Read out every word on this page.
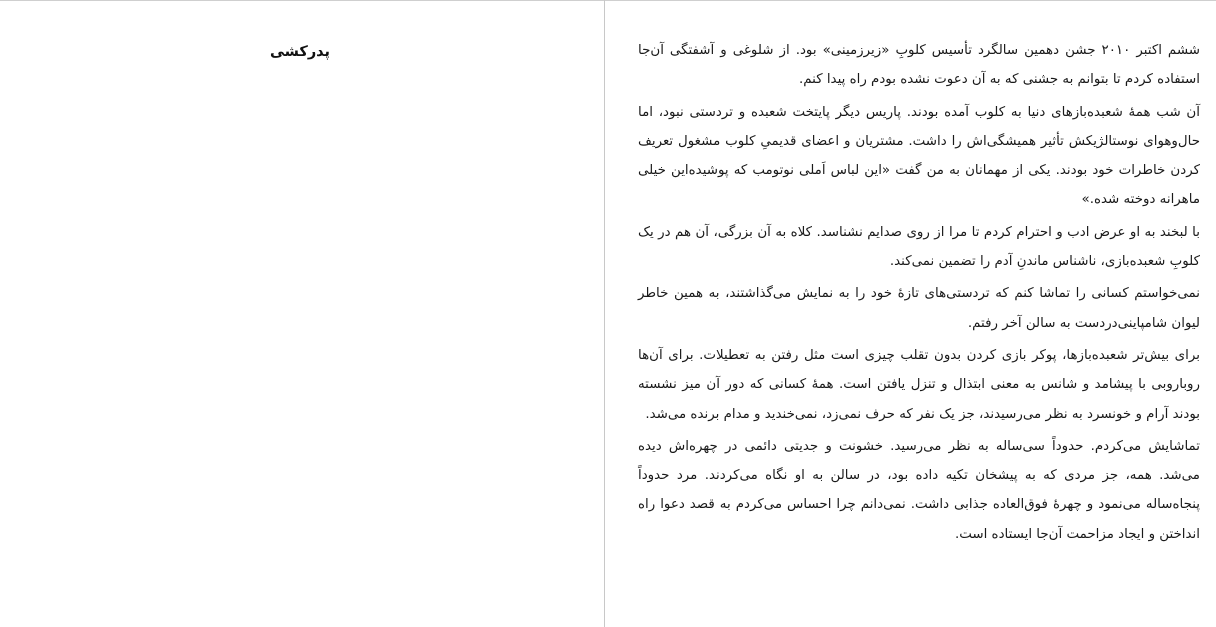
پدرکشی	ششم اکتبر ۲۰۱۰ جشن دهمین سالگرد تأسیس کلوبِ «زیرزمینی» بود. از شلوغی و آشفتگی آن‌جا استفاده کردم تا بتوانم به جشنی که به آن دعوت نشده بودم راه پیدا کنم.

آن شب همهٔ شعبده‌بازهای دنیا به کلوب آمده بودند. پاریس دیگر پایتخت شعبده و تردستی نبود، اما حال‌وهوای نوستالژیکش تأثیر همیشگی‌اش را داشت. مشتریان و اعضای قدیمیِ کلوب مشغول تعریف کردن خاطرات خود بودند. یکی از مهمانان به من گفت «این لباس اَملی نوتومب که پوشیده‌این خیلی ماهرانه دوخته شده.»

با لبخند به او عرض ادب و احترام کردم تا مرا از روی صدایم نشناسد. کلاه به آن بزرگی، آن هم در یک کلوبِ شعبده‌بازی، ناشناس ماندنِ آدم را تضمین نمی‌کند.

نمی‌خواستم کسانی را تماشا کنم که تردستی‌های تازهٔ خود را به نمایش می‌گذاشتند، به همین خاطر لیوان شامپاینی‌دردست به سالن آخر رفتم.

برای بیش‌تر شعبده‌بازها، پوکر بازی کردن بدون تقلب چیزی است مثل رفتن به تعطیلات. برای آن‌ها روباروبی با پیشامد و شانس به معنی ابتذال و تنزل یافتن است. همهٔ کسانی که دور آن میز نشسته بودند آرام و خونسرد به نظر می‌رسیدند، جز یک نفر که حرف نمی‌زد، نمی‌خندید و مدام برنده می‌شد.

تماشایش می‌کردم. حدوداً سی‌ساله به نظر می‌رسید. خشونت و جدیتی دائمی در چهره‌اش دیده می‌شد. همه، جز مردی که به پیشخان تکیه داده بود، در سالن به او نگاه می‌کردند. مرد حدوداً پنجاه‌ساله می‌نمود و چهرهٔ فوق‌العاده جذابی داشت. نمی‌دانم چرا احساس می‌کردم به قصد دعوا راه انداختن و ایجاد مزاحمت آن‌جا ایستاده است.
